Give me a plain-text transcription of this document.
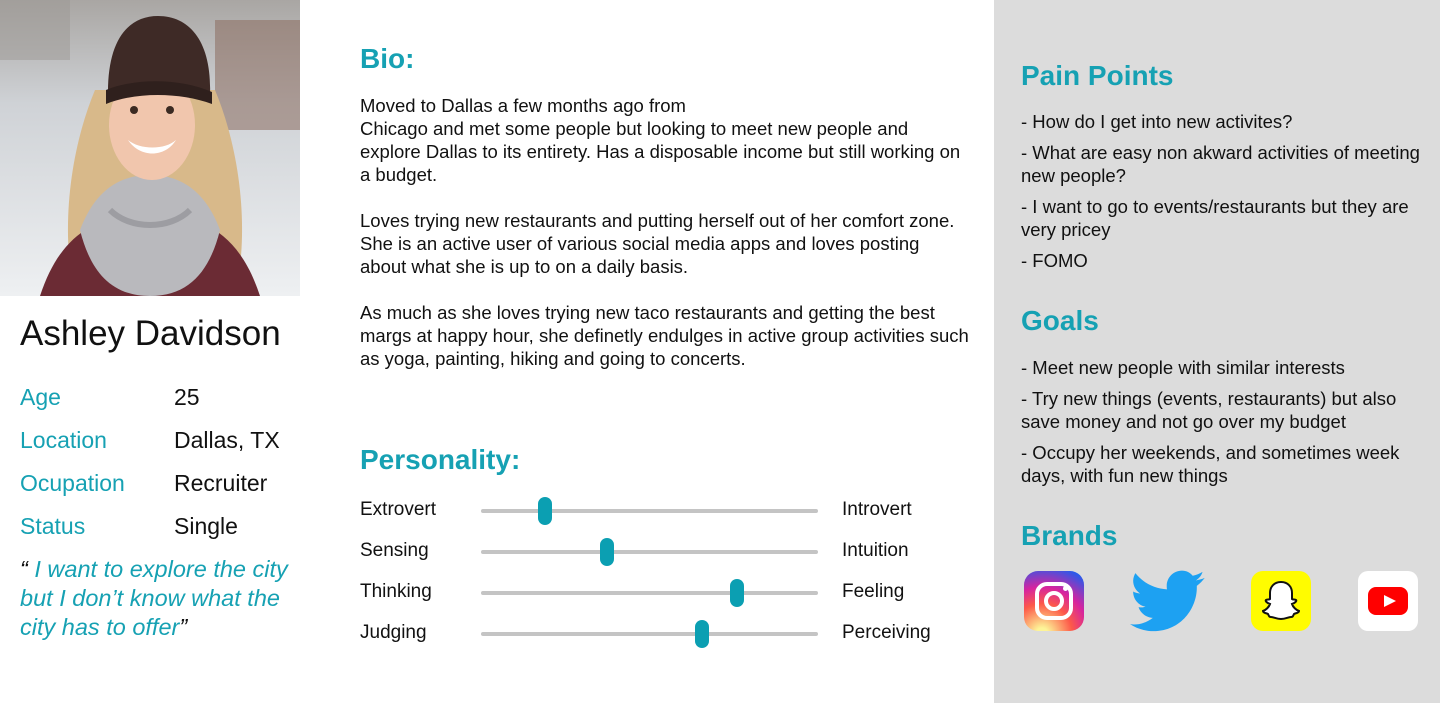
Ashley Davidson
Age	25
Location	Dallas, TX
Ocupation	Recruiter
Status	Single
“ I want to explore the city but I don’t know what the city has to offer”
Bio:

Moved to Dallas a few months ago from
Chicago and met some people but looking to meet new people and explore Dallas to its entirety. Has a disposable income but still working on a budget.

Loves trying new restaurants and putting herself out of her comfort zone. She is an active user of various social media apps and loves posting about what she is up to on a daily basis.

As much as she loves trying new taco restaurants and getting the best margs at happy hour, she definetly endulges in active group activities such as yoga, painting, hiking and going to concerts.

Personality:
Extrovert	Introvert
Sensing	Intuition
Thinking	Feeling
Judging	Perceiving
Pain Points
- How do I get into new activites?
- What are easy non akward activities of meeting new people?
- I want to go to events/restaurants but they are very pricey
- FOMO
Goals
- Meet new people with similar interests
- Try new things (events, restaurants) but also save money and not go over my budget
- Occupy her weekends, and sometimes week days, with fun new things
Brands
